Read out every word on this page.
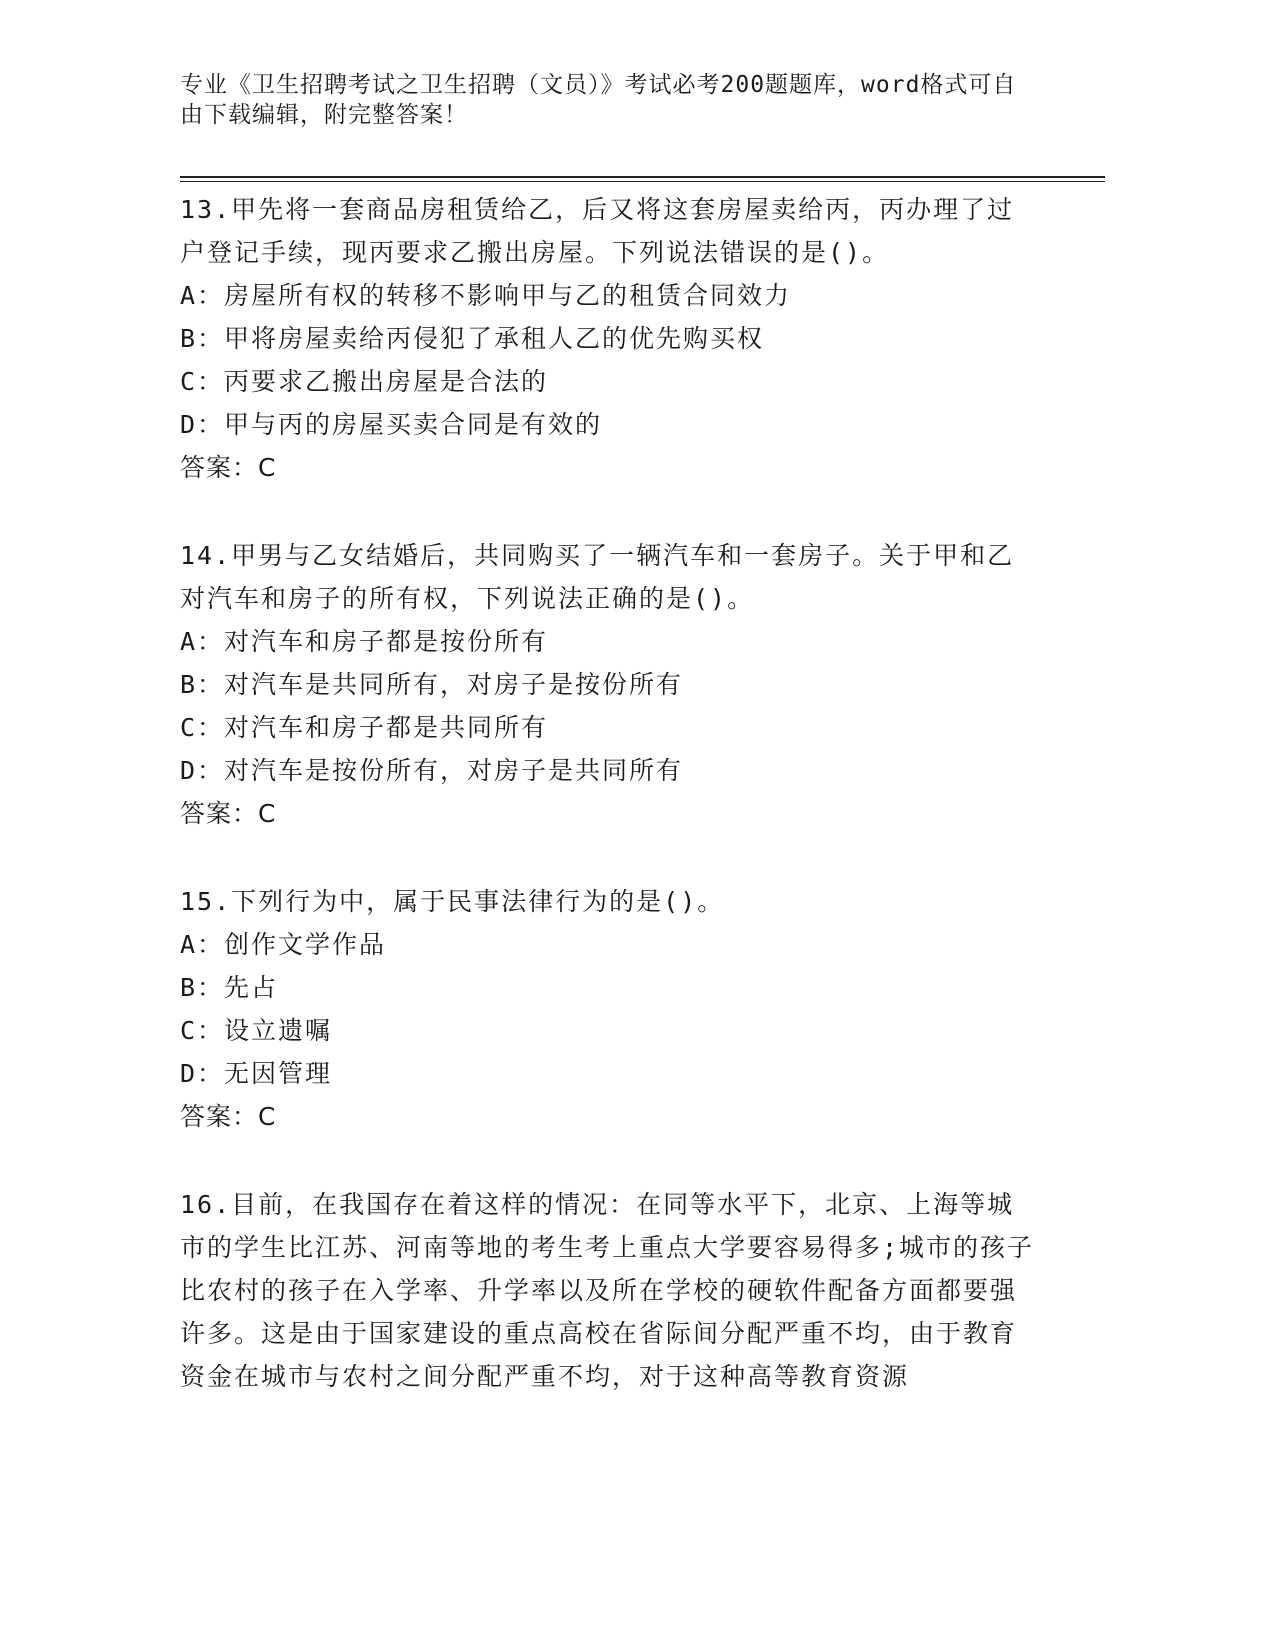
专业《卫生招聘考试之卫生招聘（文员）》考试必考200题题库，word格式可自
由下载编辑，附完整答案！

13.甲先将一套商品房租赁给乙，后又将这套房屋卖给丙，丙办理了过户登记手续，现丙要求乙搬出房屋。下列说法错误的是()。

A：房屋所有权的转移不影响甲与乙的租赁合同效力

B：甲将房屋卖给丙侵犯了承租人乙的优先购买权

C：丙要求乙搬出房屋是合法的

D：甲与丙的房屋买卖合同是有效的

答案：C

14.甲男与乙女结婚后，共同购买了一辆汽车和一套房子。关于甲和乙对汽车和房子的所有权，下列说法正确的是()。

A：对汽车和房子都是按份所有

B：对汽车是共同所有，对房子是按份所有

C：对汽车和房子都是共同所有

D：对汽车是按份所有，对房子是共同所有

答案：C

15.下列行为中，属于民事法律行为的是()。

A：创作文学作品

B：先占

C：设立遗嘱

D：无因管理

答案：C

16.目前，在我国存在着这样的情况：在同等水平下，北京、上海等城市的学生比江苏、河南等地的考生考上重点大学要容易得多;城市的孩子比农村的孩子在入学率、升学率以及所在学校的硬软件配备方面都要强许多。这是由于国家建设的重点高校在省际间分配严重不均，由于教育资金在城市与农村之间分配严重不均，对于这种高等教育资源
